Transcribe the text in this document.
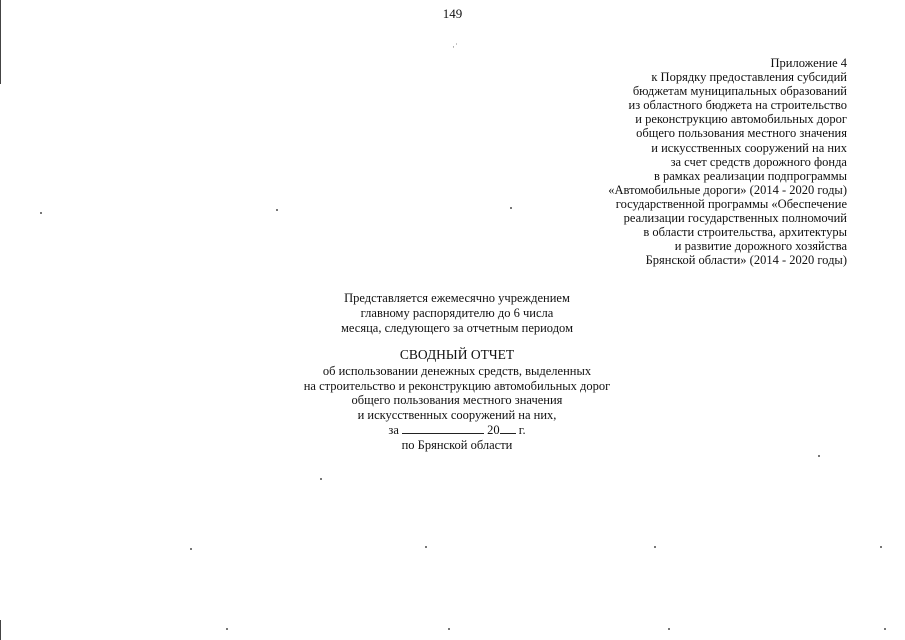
149
·˙
Приложение 4
к Порядку предоставления субсидий
бюджетам муниципальных образований
из областного бюджета на строительство
и реконструкцию автомобильных дорог
общего пользования местного значения
и искусственных сооружений на них
за счет средств дорожного фонда
в рамках реализации подпрограммы
«Автомобильные дороги» (2014 - 2020 годы)
государственной программы «Обеспечение
реализации государственных полномочий
в области строительства, архитектуры
и развитие дорожного хозяйства
Брянской области» (2014 - 2020 годы)
Представляется ежемесячно учреждением
главному распорядителю до 6 числа
месяца, следующего за отчетным периодом
СВОДНЫЙ ОТЧЕТ
об использовании денежных средств, выделенных
на строительство и реконструкцию автомобильных дорог
общего пользования местного значения
и искусственных сооружений на них,
за	20 г.
по Брянской области
